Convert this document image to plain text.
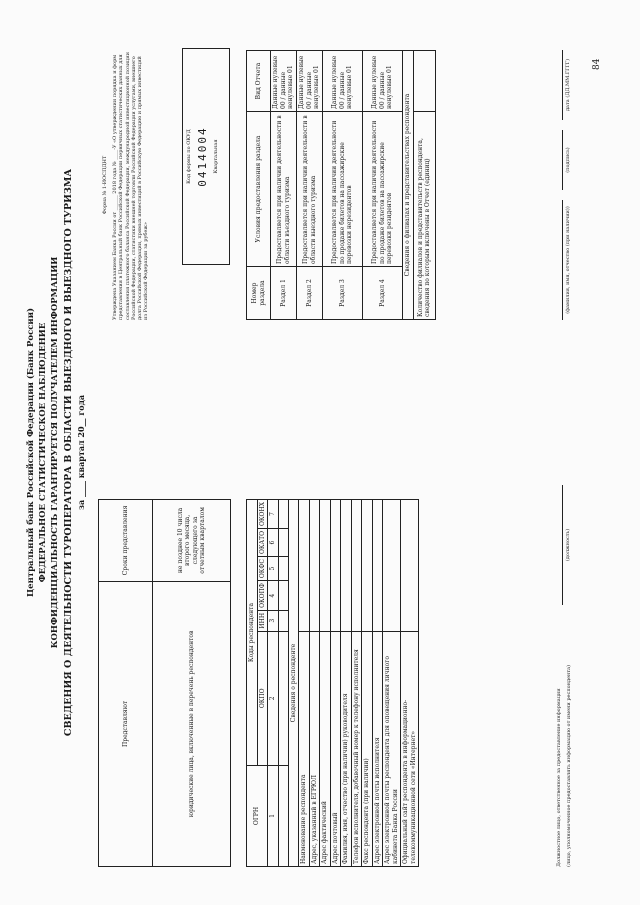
Центральный банк Российской Федерации (Банк России) ФЕДЕРАЛЬНОЕ СТАТИСТИЧЕСКОЕ НАБЛЮДЕНИЕ КОНФИДЕНЦИАЛЬНОСТЬ ГАРАНТИРУЕТСЯ ПОЛУЧАТЕЛЕМ ИНФОРМАЦИИ СВЕДЕНИЯ О ДЕЯТЕЛЬНОСТИ ТУРОПЕРАТОРА В ОБЛАСТИ ВЫЕЗДНОГО И ВЫЕЗДНОГО ТУРИЗМА за ____ квартал 20__ года
Представляют	Сроки представления
юридические лица, включенные в перечень респондентов	не позднее 10 числа второго месяца, следующего за отчетным кварталом
Форма № 1-ИОСПДНТ Утверждена Указанием Банка России от ______ 2018 года № ____-У «О утверждении порядка и форм представления в Центральный банк Российской Федерации первичных статистических данных для составления платежного баланса Российской Федерации, международной инвестиционной позиции Российской Федерации, статистики внешней торговли Российской Федерации услугами, внешнего долга Российской Федерации, прямых инвестиций в Российскую Федерацию и прямых инвестиций из Российской Федерации за рубеж»
Код формы по ОКУД 0414004 Квартальная
ОГРН	Коды респондента					
	ОКПО	ИНН	ОКОПФ	ОКФС	ОКАТО	ОКОНХ
1	2	3	4	5	6	7

Сведения о респонденте						
Наименование респондента						
Адрес, указанный в ЕГРЮЛ						
Адрес фактический						
Адрес почтовый						
Фамилия, имя, отчество (при наличии) руководителя						
Телефон исполнителя, добавочный номер к телефону исполнителя						
Факс респондента (при наличии)						
Адрес электронной почты исполнителя						
Адрес электронной почты респондента для оповещения личного кабинета Банка России						
Официальный сайт респондента в информационно-телекоммуникационной сети «Интернет»						
Номер раздела	Условия предоставления раздела	Вид Отчета
Раздел 1	Предоставляется при наличии деятельности в области въездного туризма	Данные нулевые 00 / данные ненулевые 01
Раздел 2	Предоставляется при наличии деятельности в области выездного туризма	Данные нулевые 00 / данные ненулевые 01
Раздел 3	Предоставляется при наличии деятельности по продаже билетов на пассажирские перевозки нерезидентов	Данные нулевые 00 / данные ненулевые 01
Раздел 4	Предоставляется при наличии деятельности по продаже билетов на пассажирские перевозки резидентов	Данные нулевые 00 / данные ненулевые 01
Сведения о филиалах и представительствах респондента		
Количество филиалов и представительств респондента, сведения по которым включены в Отчет (единиц)		
Должностное лицо, ответственное за предоставление информации (лицо, уполномоченное предоставлять информацию от имени респондента)
(должность)
(фамилия, имя, отчество (при наличии))
(подпись)
дата (ДД.ММ.ГГГГ) 84
